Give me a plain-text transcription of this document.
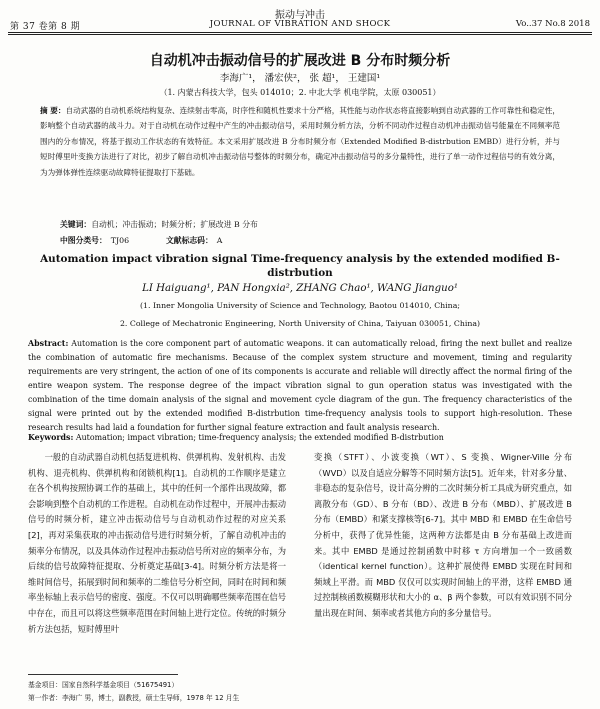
振动与冲击
第 37 卷第 8 期	JOURNAL OF VIBRATION AND SHOCK	Vo..37 No.8 2018
自动机冲击振动信号的扩展改进 B 分布时频分析
李海广¹， 潘宏侠²， 张 超¹， 王建国¹
（1. 内蒙古科技大学，包头 014010；2. 中北大学 机电学院，太原 030051）

摘 要：自动武器的自动机系统结构复杂、连续射击零高，时序性和随机性要求十分严格，其性能与动作状态将直接影响到自动武器的工作可靠性和稳定性，影响整个自动武器的战斗力。对于自动机在动作过程中产生的冲击振动信号，采用时频分析方法，分析不同动作过程自动机冲击振动信号能量在不同频率范围内的分布情况，将基于振动工作状态的有效特征。本文采用扩展改进 B 分布时频分布（Extended Modified B-distrbution EMBD）进行分析，并与短时傅里叶变换方法进行了对比，初步了解自动机冲击振动信号整体的时频分布，确定冲击振动信号的多分量特性，进行了单一动作过程信号的有效分离，为为弹体弹性连续驱动故障特征提取打下基础。

关键词：自动机；冲击振动；时频分析；扩展改进 B 分布
中图分类号： TJ06	文献标志码： A

Automation impact vibration signal Time-frequency analysis by the extended modified B-distrbution

LI Haiguang¹, PAN Hongxia², ZHANG Chao¹, WANG Jianguo¹
(1. Inner Mongolia University of Science and Technology, Baotou 014010, China;
2. College of Mechatronic Engineering, North University of China, Taiyuan 030051, China)

Abstract: Automation is the core component part of automatic weapons. it can automatically reload, firing the next bullet and realize the combination of automatic fire mechanisms. Because of the complex system structure and movement, timing and regularity requirements are very stringent, the action of one of its components is accurate and reliable will directly affect the normal firing of the entire weapon system. The response degree of the impact vibration signal to gun operation status was investigated with the combination of the time domain analysis of the signal and movement cycle diagram of the gun. The frequency characteristics of the signal were printed out by the extended modified B-distrbution time-frequency analysis tools to support high-resolution. These research results had laid a foundation for further signal feature extraction and fault analysis research.

Keywords: Automation; impact vibration; time-frequency analysis; the extended modified B-distrbution

一般的自动武器自动机包括复进机构、供弹机构、发射机构、击发机构、退壳机构、供弹机构和闭锁机构[1]。自动机的工作顺序是建立在各个机构按照协调工作的基础上，其中的任何一个部件出现故障，都会影响到整个自动机的工作进程。自动机在动作过程中，开展冲击振动信号的时频分析，建立冲击振动信号与自动机动作过程的对应关系[2]，再对采集获取的冲击振动信号进行时频分析，了解自动机冲击的频率分布情况，以及具体动作过程冲击振动信号所对应的频率分布，为后续的信号故障特征提取、分析奠定基础[3-4]。时频分析方法是将一维时间信号，拓展到时间和频率的二维信号分析空间，同时在时间和频率坐标轴上表示信号的密度、强度。不仅可以明确哪些频率范围在信号中存在，而且可以将这些频率范围在时间轴上进行定位。传统的时频分析方法包括，短时傅里叶

变换（STFT）、小波变换（WT）、S 变换、Wigner-Ville 分布（WVD）以及自适应分解等不同时频方法[5]。近年来，针对多分量、非稳态的复杂信号，设计高分辨的二次时频分析工具成为研究重点，如离散分布（GD）、B 分布（BD）、改进 B 分布（MBD）、扩展改进 B 分布（EMBD）和紧支撑核等[6-7]。其中 MBD 和 EMBD 在生命信号分析中，获得了优异性能，这两种方法都是由 B 分布基础上改进而来。其中 EMBD 是通过控制函数中时移 τ 方向增加一个一致函数（identical kernel function）。这种扩展使得 EMBD 实现在时间和频域上平滑。而 MBD 仅仅可以实现时间轴上的平滑，这样 EMBD 通过控制核函数模糊形状和大小的 α、β 两个参数，可以有效识别不同分量出现在时间、频率或者其他方向的多分量信号。

基金项目：国家自然科学基金项目（51675491）
第一作者：李海广 男，博士，副教授，硕士生导师，1978 年 12 月生
